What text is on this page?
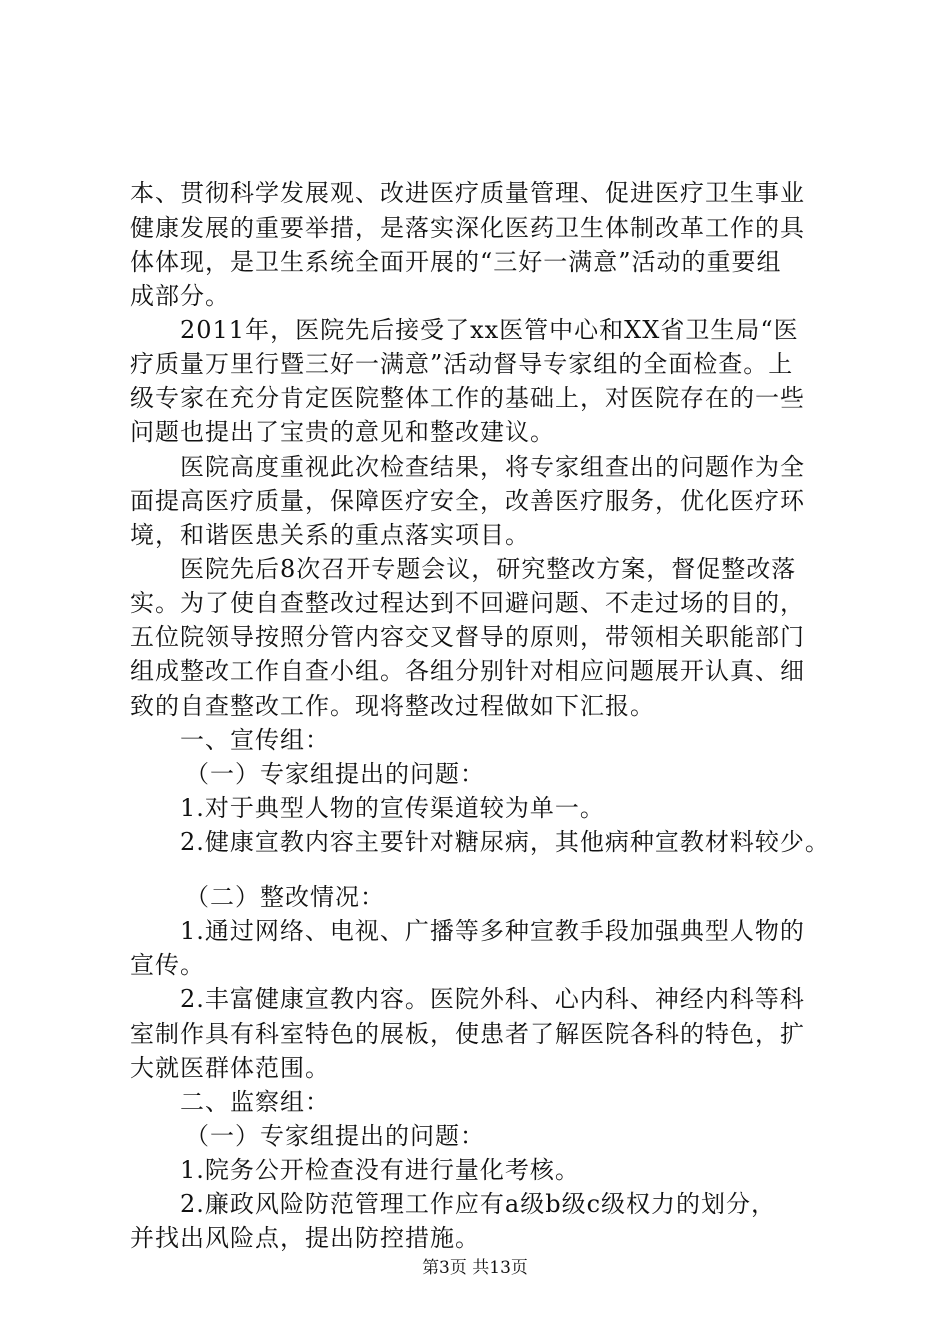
本、贯彻科学发展观、改进医疗质量管理、促进医疗卫生事业
健康发展的重要举措，是落实深化医药卫生体制改革工作的具
体体现，是卫生系统全面开展的“三好一满意”活动的重要组
成部分。
2011年，医院先后接受了xx医管中心和XX省卫生局“医
疗质量万里行暨三好一满意”活动督导专家组的全面检查。上
级专家在充分肯定医院整体工作的基础上，对医院存在的一些
问题也提出了宝贵的意见和整改建议。
医院高度重视此次检查结果，将专家组查出的问题作为全
面提高医疗质量，保障医疗安全，改善医疗服务，优化医疗环
境，和谐医患关系的重点落实项目。
医院先后8次召开专题会议，研究整改方案，督促整改落
实。为了使自查整改过程达到不回避问题、不走过场的目的，
五位院领导按照分管内容交叉督导的原则，带领相关职能部门
组成整改工作自查小组。各组分别针对相应问题展开认真、细
致的自查整改工作。现将整改过程做如下汇报。
一、宣传组：
（一）专家组提出的问题：
1.对于典型人物的宣传渠道较为单一。
2.健康宣教内容主要针对糖尿病，其他病种宣教材料较少。
（二）整改情况：
1.通过网络、电视、广播等多种宣教手段加强典型人物的
宣传。
2.丰富健康宣教内容。医院外科、心内科、神经内科等科
室制作具有科室特色的展板，使患者了解医院各科的特色，扩
大就医群体范围。
二、监察组：
（一）专家组提出的问题：
1.院务公开检查没有进行量化考核。
2.廉政风险防范管理工作应有a级b级c级权力的划分，
并找出风险点，提出防控措施。
第3页 共13页
